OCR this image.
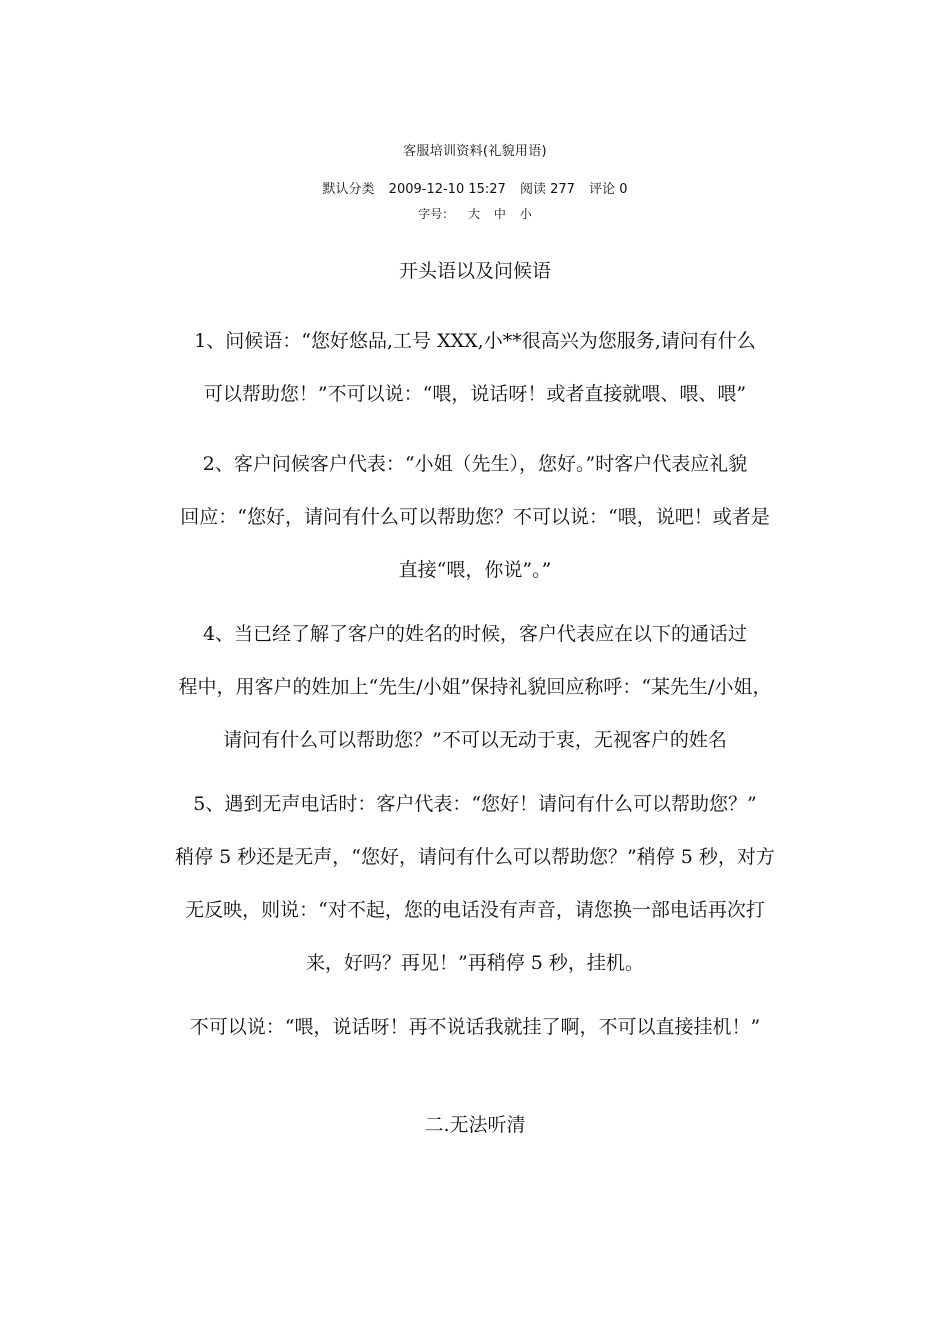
客服培训资料(礼貌用语)
默认分类 2009-12-10 15:27 阅读 277 评论 0
字号： 大 中 小
开头语以及问候语
1、问候语：“您好悠品,工号 XXX,小**很高兴为您服务,请问有什么
可以帮助您！”不可以说：“喂，说话呀！或者直接就喂、喂、喂”
2、客户问候客户代表：“小姐（先生），您好。”时客户代表应礼貌
回应：“您好，请问有什么可以帮助您？不可以说：“喂，说吧！或者是
直接“喂，你说”。”
4、当已经了解了客户的姓名的时候，客户代表应在以下的通话过
程中，用客户的姓加上“先生/小姐”保持礼貌回应称呼：“某先生/小姐，
请问有什么可以帮助您？”不可以无动于衷，无视客户的姓名
5、遇到无声电话时：客户代表：“您好！请问有什么可以帮助您？”
稍停 5 秒还是无声，“您好，请问有什么可以帮助您？”稍停 5 秒，对方
无反映，则说：“对不起，您的电话没有声音，请您换一部电话再次打
来，好吗？再见！”再稍停 5 秒，挂机。
不可以说：“喂，说话呀！再不说话我就挂了啊，不可以直接挂机！”
二.无法听清
